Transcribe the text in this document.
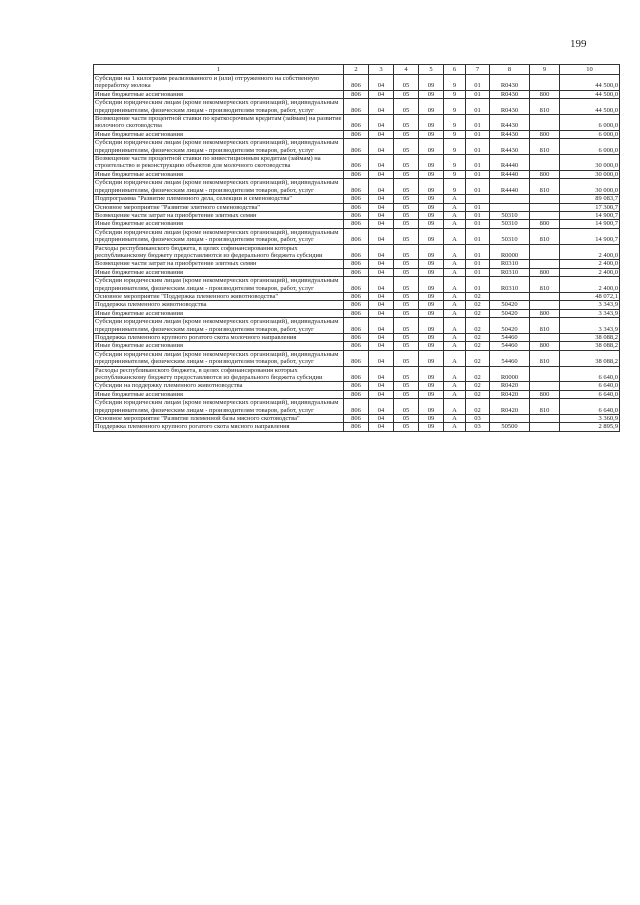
199
1	2	3	4	5	6	7	8	9	10
Субсидии на 1 килограмм реализованного и (или) отгруженного на собственную переработку молока	806	04	05	09	9	01	R0430		44 500,0
Иные бюджетные ассигнования	806	04	05	09	9	01	R0430	800	44 500,0
Субсидии юридическим лицам (кроме некоммерческих организаций), индивидуальным предпринимателям, физическим лицам - производителям товаров, работ, услуг	806	04	05	09	9	01	R0430	810	44 500,0
Возмещение части процентной ставки по краткосрочным кредитам (займам) на развитие молочного скотоводства	806	04	05	09	9	01	R4430		6 000,0
Иные бюджетные ассигнования	806	04	05	09	9	01	R4430	800	6 000,0
Субсидии юридическим лицам (кроме некоммерческих организаций), индивидуальным предпринимателям, физическим лицам - производителям товаров, работ, услуг	806	04	05	09	9	01	R4430	810	6 000,0
Возмещение части процентной ставки по инвестиционным кредитам (займам) на строительство и реконструкцию объектов для молочного скотоводства	806	04	05	09	9	01	R4440		30 000,0
Иные бюджетные ассигнования	806	04	05	09	9	01	R4440	800	30 000,0
Субсидии юридическим лицам (кроме некоммерческих организаций), индивидуальным предпринимателям, физическим лицам - производителям товаров, работ, услуг	806	04	05	09	9	01	R4440	810	30 000,0
Подпрограмма "Развитие племенного дела, селекции и семеноводства"	806	04	05	09	А				89 083,7
Основное мероприятие "Развитие элитного семеноводства"	806	04	05	09	А	01			17 300,7
Возмещение части затрат на приобретение элитных семян	806	04	05	09	А	01	50310		14 900,7
Иные бюджетные ассигнования	806	04	05	09	А	01	50310	800	14 900,7
Субсидии юридическим лицам (кроме некоммерческих организаций), индивидуальным предпринимателям, физическим лицам - производителям товаров, работ, услуг	806	04	05	09	А	01	50310	810	14 900,7
Расходы республиканского бюджета, в целях софинансирования которых республиканскому бюджету предоставляются из федерального бюджета субсидии	806	04	05	09	А	01	R0000		2 400,0
Возмещение части затрат на приобретение элитных семян	806	04	05	09	А	01	R0310		2 400,0
Иные бюджетные ассигнования	806	04	05	09	А	01	R0310	800	2 400,0
Субсидии юридическим лицам (кроме некоммерческих организаций), индивидуальным предпринимателям, физическим лицам - производителям товаров, работ, услуг	806	04	05	09	А	01	R0310	810	2 400,0
Основное мероприятие "Поддержка племенного животноводства"	806	04	05	09	А	02			48 072,1
Поддержка племенного животноводства	806	04	05	09	А	02	50420		3 343,9
Иные бюджетные ассигнования	806	04	05	09	А	02	50420	800	3 343,9
Субсидии юридическим лицам (кроме некоммерческих организаций), индивидуальным предпринимателям, физическим лицам - производителям товаров, работ, услуг	806	04	05	09	А	02	50420	810	3 343,9
Поддержка племенного крупного рогатого скота молочного направления	806	04	05	09	А	02	54460		38 088,2
Иные бюджетные ассигнования	806	04	05	09	А	02	54460	800	38 088,2
Субсидии юридическим лицам (кроме некоммерческих организаций), индивидуальным предпринимателям, физическим лицам - производителям товаров, работ, услуг	806	04	05	09	А	02	54460	810	38 088,2
Расходы республиканского бюджета, в целях софинансирования которых республиканскому бюджету предоставляются из федерального бюджета субсидии	806	04	05	09	А	02	R0000		6 640,0
Субсидии на поддержку племенного животноводства	806	04	05	09	А	02	R0420		6 640,0
Иные бюджетные ассигнования	806	04	05	09	А	02	R0420	800	6 640,0
Субсидии юридическим лицам (кроме некоммерческих организаций), индивидуальным предпринимателям, физическим лицам - производителям товаров, работ, услуг	806	04	05	09	А	02	R0420	810	6 640,0
Основное мероприятие "Развитие племенной базы мясного скотоводства"	806	04	05	09	А	03			3 360,9
Поддержка племенного крупного рогатого скота мясного направления	806	04	05	09	А	03	50500		2 895,9
